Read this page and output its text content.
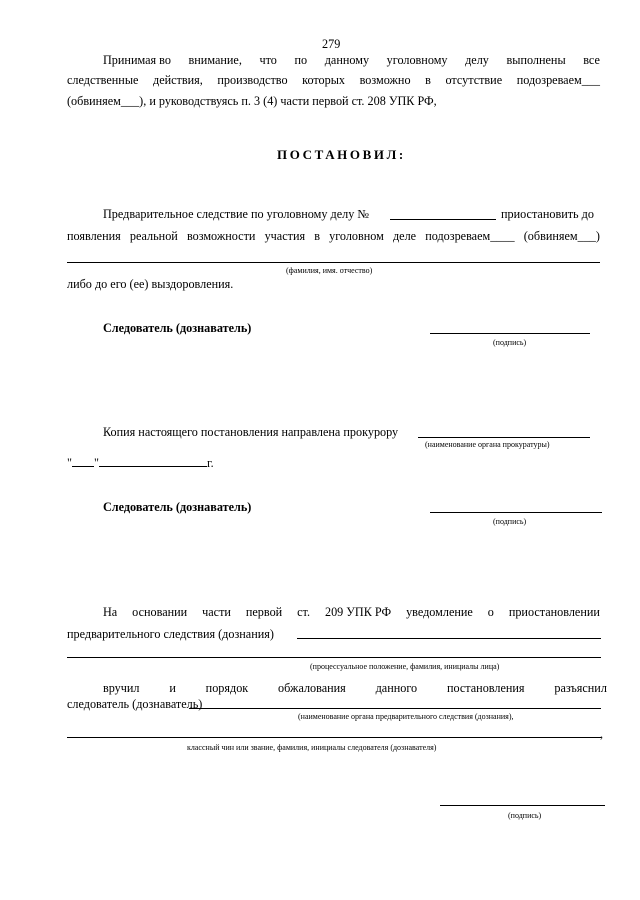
279
Принимая во внимание, что по данному уголовному делу выполнены все
следственные действия, производство которых возможно в отсутствие подозреваем___
(обвиняем___), и руководствуясь п. 3 (4) части первой ст. 208 УПК РФ,
ПОСТАНОВИЛ:
Предварительное следствие по уголовному делу №	приостановить до
появления реальной возможности участия в уголовном деле подозреваем____ (обвиняем___)
(фамилия, имя. отчество)
либо до его (ее) выздоровления.
Следователь (дознаватель)
(подпись)
Копия настоящего постановления направлена прокурору
(наименование органа прокуратуры)
" "	г.
Следователь (дознаватель)
(подпись)
На основании части первой ст. 209 УПК РФ уведомление о приостановлении
предварительного следствия (дознания)
(процессуальное положение, фамилия, инициалы лица)
вручил и порядок обжалования данного постановления разъяснил
следователь (дознаватель)
(наименование органа предварительного следствия (дознания),
,
классный чин или звание, фамилия, инициалы следователя (дознавателя)
(подпись)
